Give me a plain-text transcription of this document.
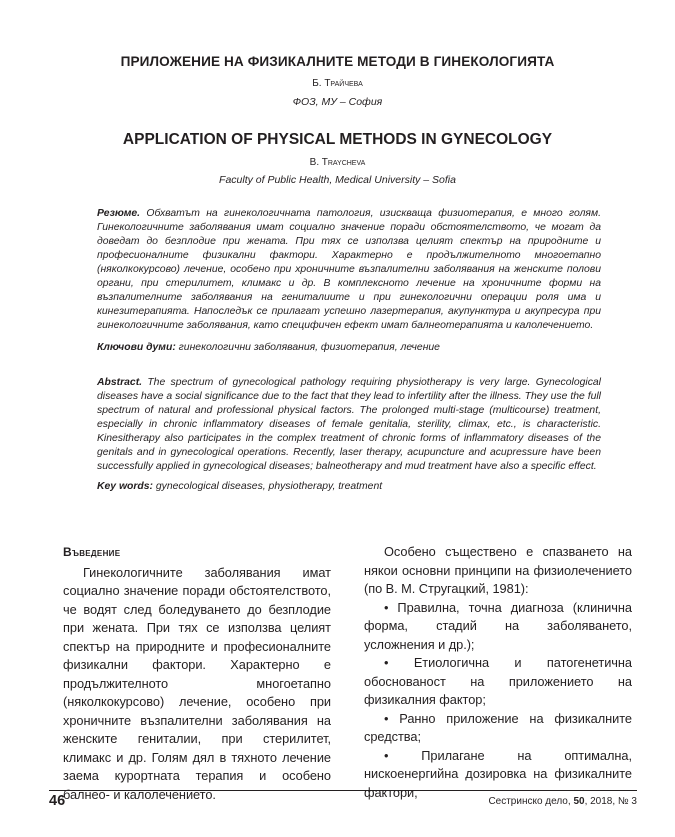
ПРИЛОЖЕНИЕ НА ФИЗИКАЛНИТЕ МЕТОДИ В ГИНЕКОЛОГИЯТА
Б. Трайчева
ФОЗ, МУ – София
APPLICATION OF PHYSICAL METHODS IN GYNECOLOGY
B. Traycheva
Faculty of Public Health, Medical University – Sofia

Резюме. Обхватът на гинекологичната патология, изискваща физиотерапия, е много голям. Гинекологичните заболявания имат социално значение поради обстоятелството, че могат да доведат до безплодие при жената. При тях се използва целият спектър на природните и професионалните физикални фактори. Характерно е продължителното многоетапно (няколкокурсово) лечение, особено при хроничните възпалителни заболявания на женските полови органи, при стерилитет, климакс и др. В комплексното лечение на хроничните форми на възпалителните заболявания на гениталиите и при гинекологични операции роля има и кинезитерапията. Напоследък се прилагат успешно лазертерапия, акупунктура и акупресура при гинекологичните заболявания, като специфичен ефект имат балнеотерапията и калолечението.

Ключови думи: гинекологични заболявания, физиотерапия, лечение

Abstract. The spectrum of gynecological pathology requiring physiotherapy is very large. Gynecological diseases have a social significance due to the fact that they lead to infertility after the illness. They use the full spectrum of natural and professional physical factors. The prolonged multi-stage (multicourse) treatment, especially in chronic inflammatory diseases of female genitalia, sterility, climax, etc., is characteristic. Kinesitherapy also participates in the complex treatment of chronic forms of inflammatory diseases of the genitals and in gynecological operations. Recently, laser therapy, acupuncture and acupressure have been successfully applied in gynecological diseases; balneotherapy and mud treatment have also a specific effect.

Key words: gynecological diseases, physiotherapy, treatment

Въведение

Гинекологичните заболявания имат социално значение поради обстоятелството, че водят след боледуването до безплодие при жената. При тях се използва целият спектър на природните и професионалните физикални фактори. Характерно е продължителното многоетапно (няколкокурсово) лечение, особено при хроничните възпалителни заболявания на женските гениталии, при стерилитет, климакс и др. Голям дял в тяхното лечение заема курортната терапия и особено балнео- и калолечението.

Особено съществено е спазването на някои основни принципи на физиолечението (по В. М. Стругацкий, 1981):

• Правилна, точна диагноза (клинична форма, стадий на заболяването, усложнения и др.);

• Етиологична и патогенетична обоснованост на приложението на физикалния фактор;

• Ранно приложение на физикалните средства;

• Прилагане на оптимална, нискоенергийна дозировка на физикалните фактори,

46	Сестринско дело, 50, 2018, № 3
